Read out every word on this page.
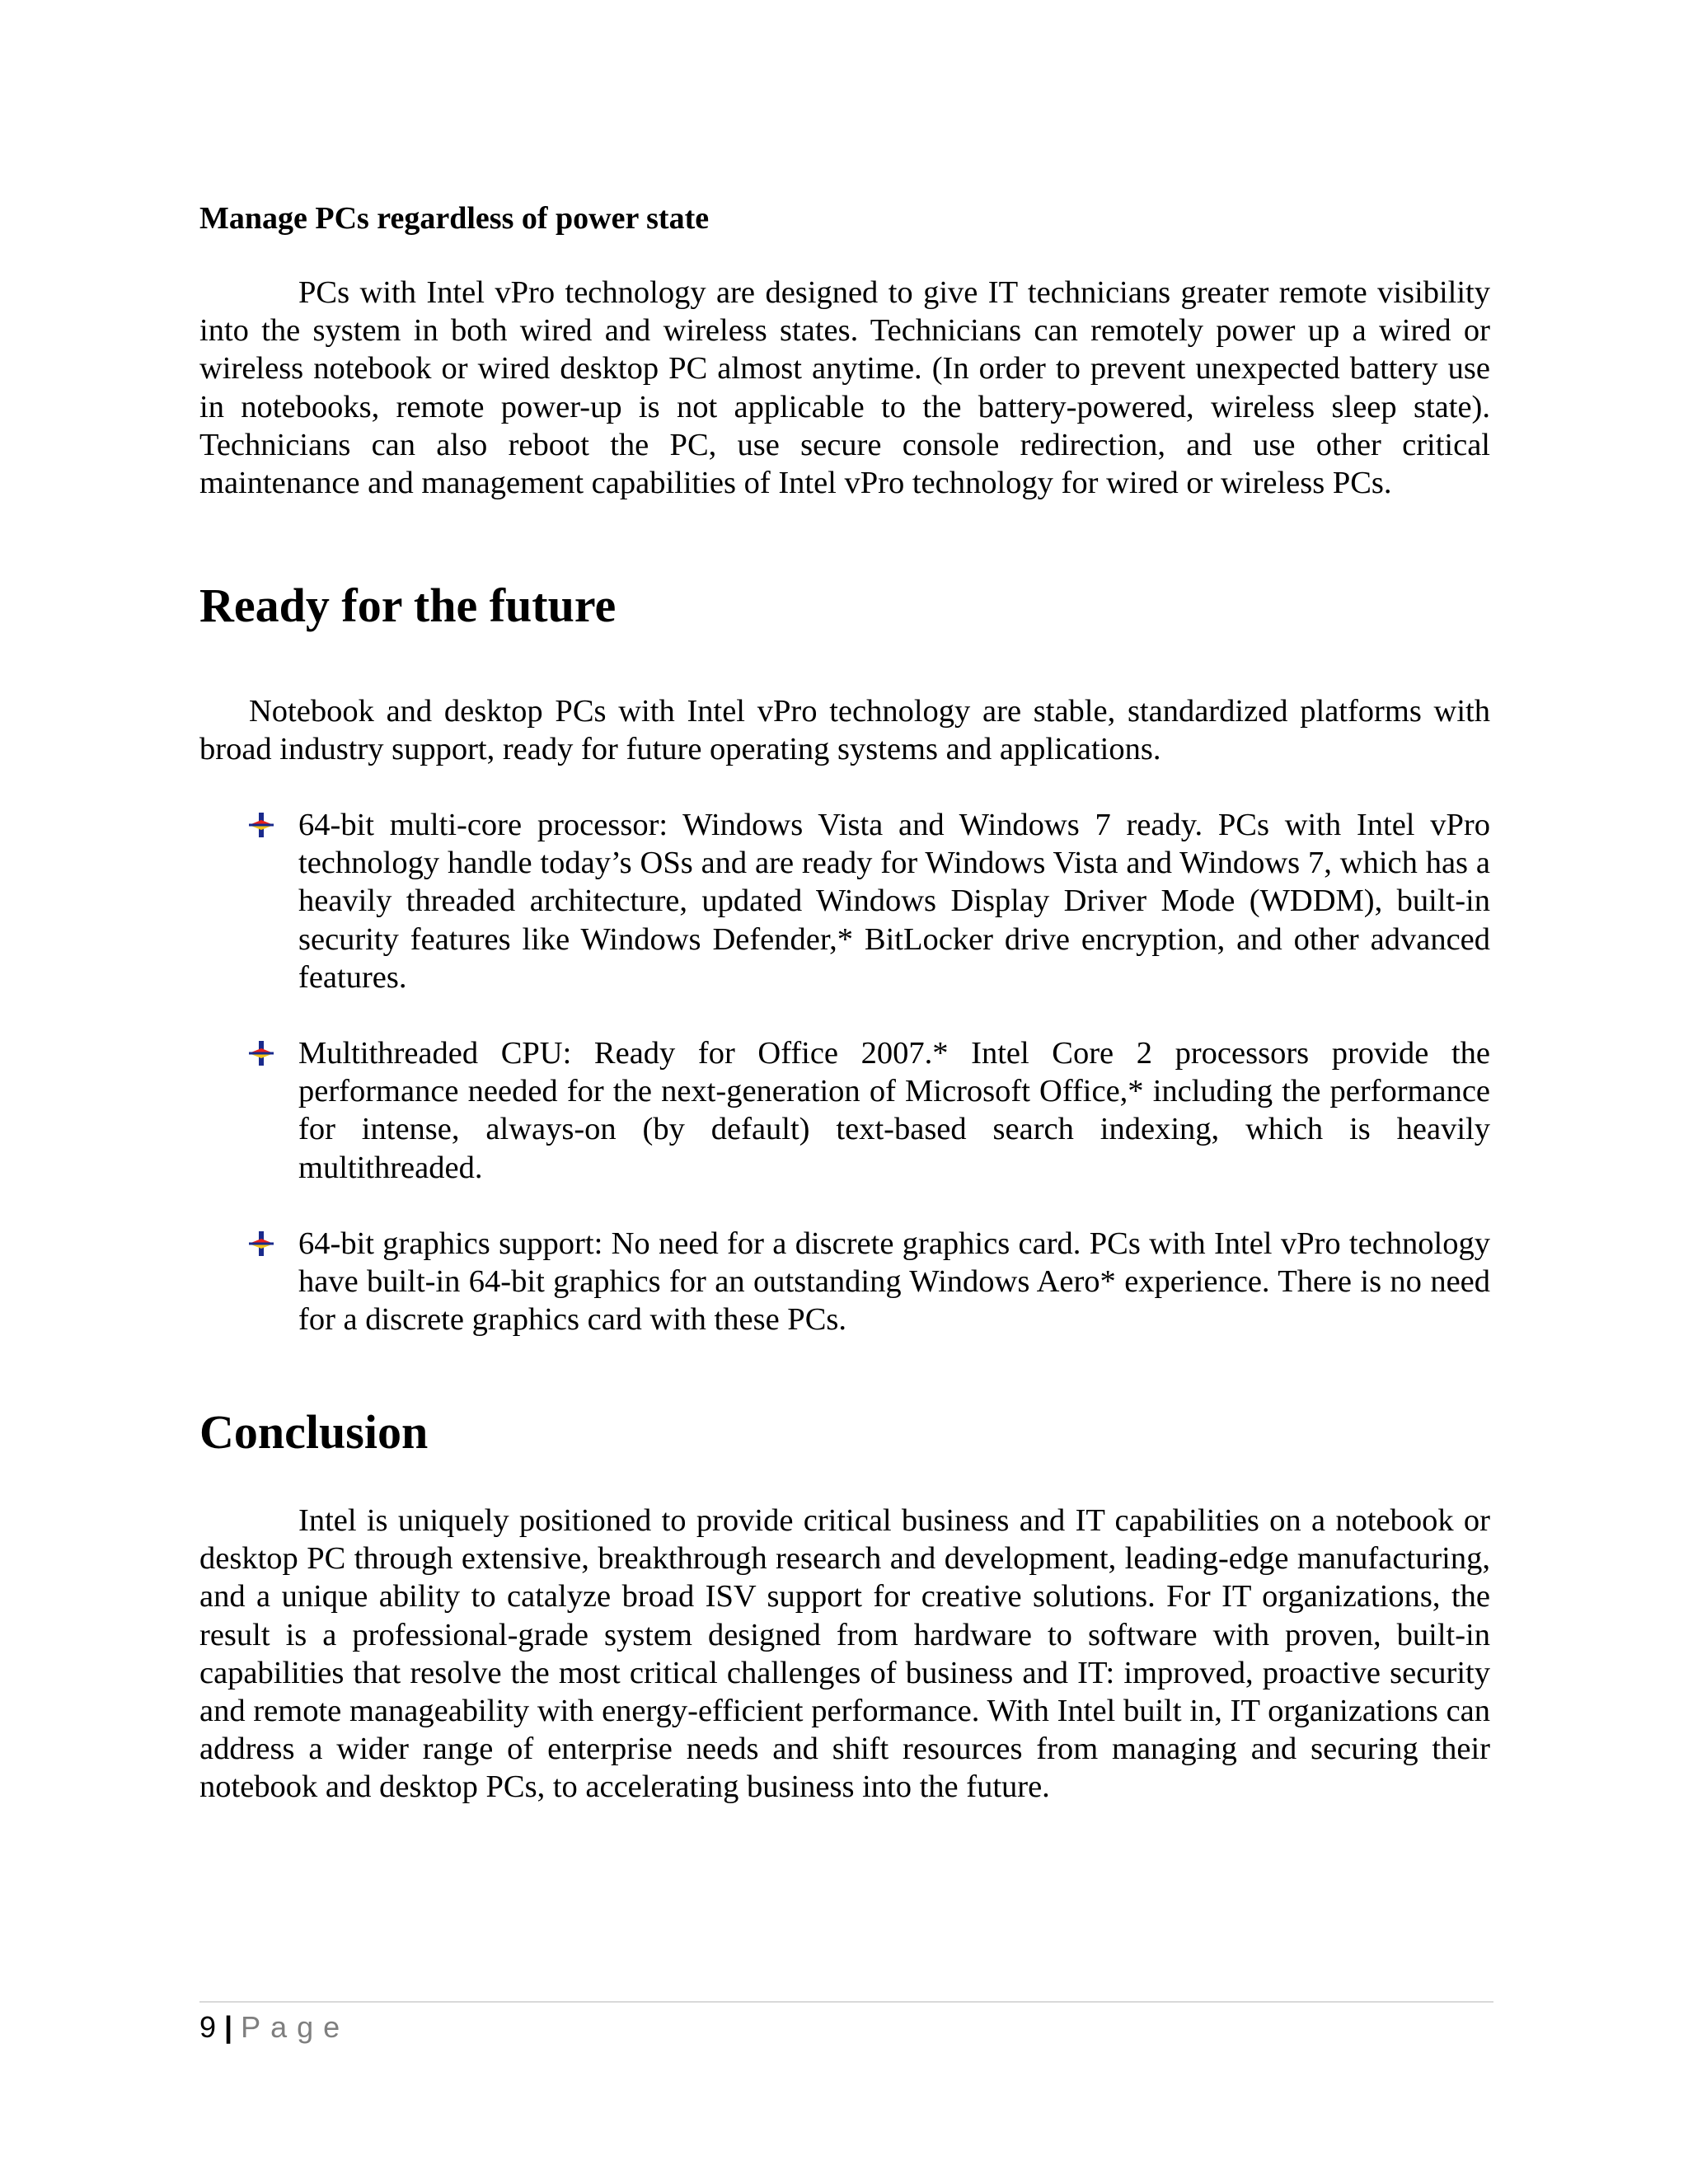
Manage PCs regardless of power state

PCs with Intel vPro technology are designed to give IT technicians greater remote visibility into the system in both wired and wireless states. Technicians can remotely power up a wired or wireless notebook or wired desktop PC almost anytime. (In order to prevent unexpected battery use in notebooks, remote power-up is not applicable to the battery-powered, wireless sleep state). Technicians can also reboot the PC, use secure console redirection, and use other critical maintenance and management capabilities of Intel vPro technology for wired or wireless PCs.

Ready for the future

Notebook and desktop PCs with Intel vPro technology are stable, standardized platforms with broad industry support, ready for future operating systems and applications.

64-bit multi-core processor: Windows Vista and Windows 7 ready. PCs with Intel vPro technology handle today’s OSs and are ready for Windows Vista and Windows 7, which has a heavily threaded architecture, updated Windows Display Driver Mode (WDDM), built-in security features like Windows Defender,* BitLocker drive encryption, and other advanced features.

Multithreaded CPU: Ready for Office 2007.* Intel Core 2 processors provide the performance needed for the next-generation of Microsoft Office,* including the performance for intense, always-on (by default) text-based search indexing, which is heavily multithreaded.

64-bit graphics support: No need for a discrete graphics card. PCs with Intel vPro technology have built-in 64-bit graphics for an outstanding Windows Aero* experience. There is no need for a discrete graphics card with these PCs.

Conclusion

Intel is uniquely positioned to provide critical business and IT capabilities on a notebook or desktop PC through extensive, breakthrough research and development, leading-edge manufacturing, and a unique ability to catalyze broad ISV support for creative solutions. For IT organizations, the result is a professional-grade system designed from hardware to software with proven, built-in capabilities that resolve the most critical challenges of business and IT: improved, proactive security and remote manageability with energy-efficient performance. With Intel built in, IT organizations can address a wider range of enterprise needs and shift resources from managing and securing their notebook and desktop PCs, to accelerating business into the future.

9 | Page
